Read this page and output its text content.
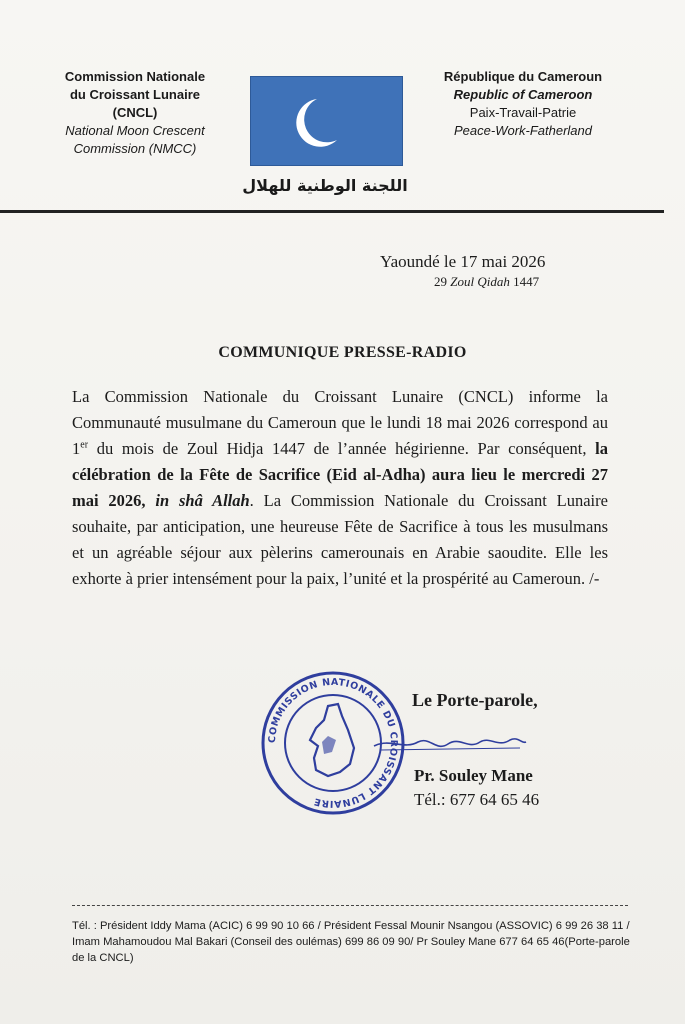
Commission Nationale
du Croissant Lunaire
(CNCL)
National Moon Crescent
Commission (NMCC)
اللجنة الوطنية للهلال
République du Cameroun
Republic of Cameroon
Paix-Travail-Patrie
Peace-Work-Fatherland
Yaoundé le 17 mai 2026
29 Zoul Qidah 1447
COMMUNIQUE PRESSE-RADIO
La Commission Nationale du Croissant Lunaire (CNCL) informe la Communauté musulmane du Cameroun que le lundi 18 mai 2026 correspond au 1er du mois de Zoul Hidja 1447 de l’année hégirienne. Par conséquent, la célébration de la Fête de Sacrifice (Eid al-Adha) aura lieu le mercredi 27 mai 2026, in shâ Allah. La Commission Nationale du Croissant Lunaire souhaite, par anticipation, une heureuse Fête de Sacrifice à tous les musulmans et un agréable séjour aux pèlerins camerounais en Arabie saoudite. Elle les exhorte à prier intensément pour la paix, l’unité et la prospérité au Cameroun. /-
COMMISSION NATIONALE DU CROISSANT LUNAIRE
Le Porte-parole,
Pr. Souley Mane
Tél.: 677 64 65 46
Tél. : Président Iddy Mama (ACIC) 6 99 90 10 66 / Président Fessal Mounir Nsangou (ASSOVIC) 6 99 26 38 11 / Imam Mahamoudou Mal Bakari (Conseil des oulémas) 699 86 09 90/ Pr Souley Mane 677 64 65 46(Porte-parole de la CNCL)
